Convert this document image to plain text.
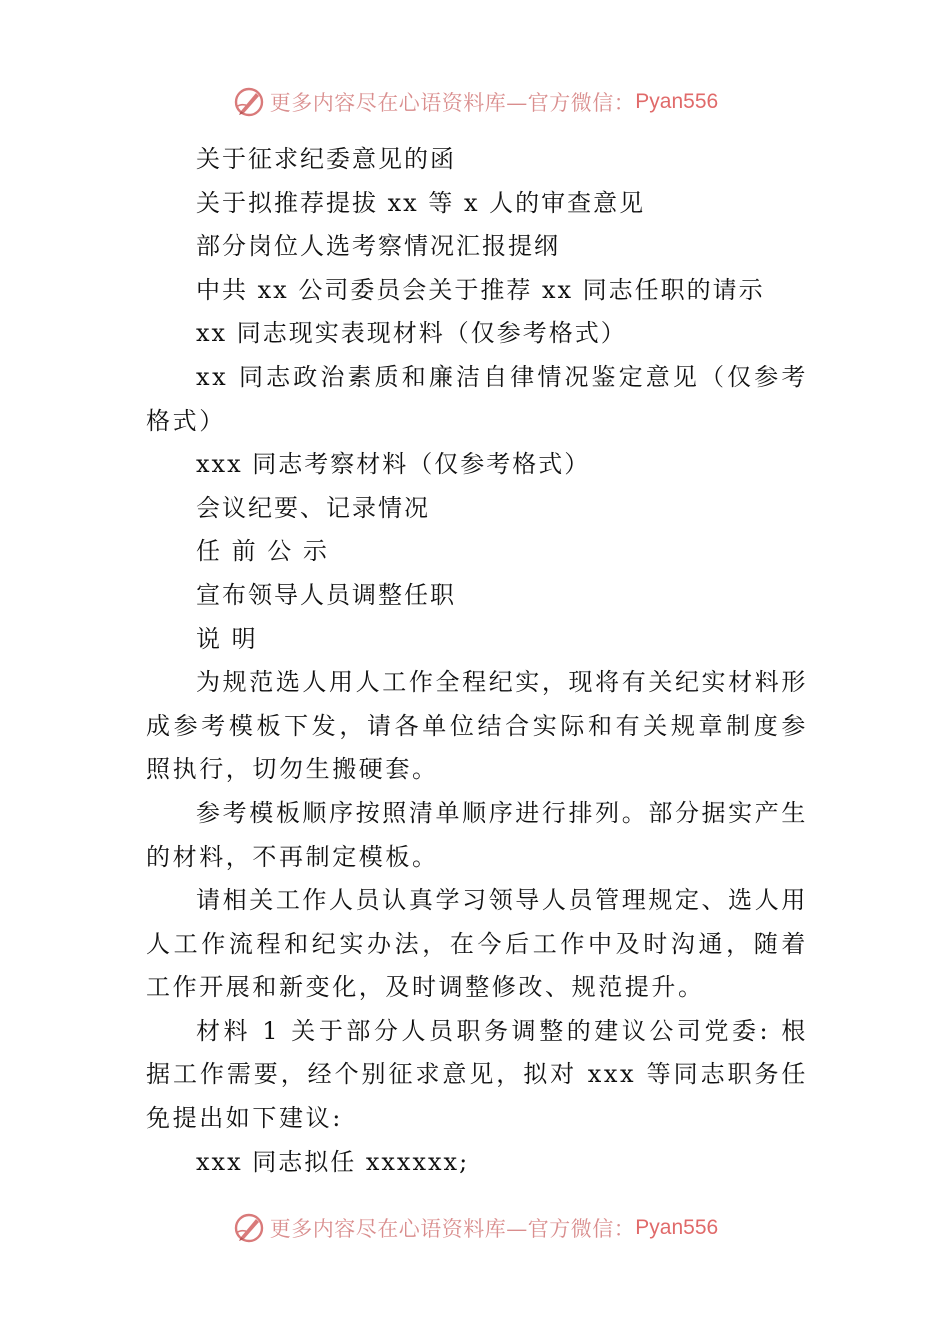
更多内容尽在心语资料库—官方微信： Pyan556

关于征求纪委意见的函

关于拟推荐提拔 xx 等 x 人的审查意见

部分岗位人选考察情况汇报提纲

中共 xx 公司委员会关于推荐 xx 同志任职的请示

xx 同志现实表现材料（仅参考格式）

xx 同志政治素质和廉洁自律情况鉴定意见（仅参考格式）

xxx 同志考察材料（仅参考格式）

会议纪要、记录情况

任 前 公 示

宣布领导人员调整任职

说 明

为规范选人用人工作全程纪实，现将有关纪实材料形成参考模板下发，请各单位结合实际和有关规章制度参照执行，切勿生搬硬套。

参考模板顺序按照清单顺序进行排列。部分据实产生的材料，不再制定模板。

请相关工作人员认真学习领导人员管理规定、选人用人工作流程和纪实办法，在今后工作中及时沟通，随着工作开展和新变化，及时调整修改、规范提升。

材料 1 关于部分人员职务调整的建议公司党委: 根据工作需要，经个别征求意见，拟对 xxx 等同志职务任免提出如下建议:

xxx 同志拟任 xxxxxx;

更多内容尽在心语资料库—官方微信： Pyan556
